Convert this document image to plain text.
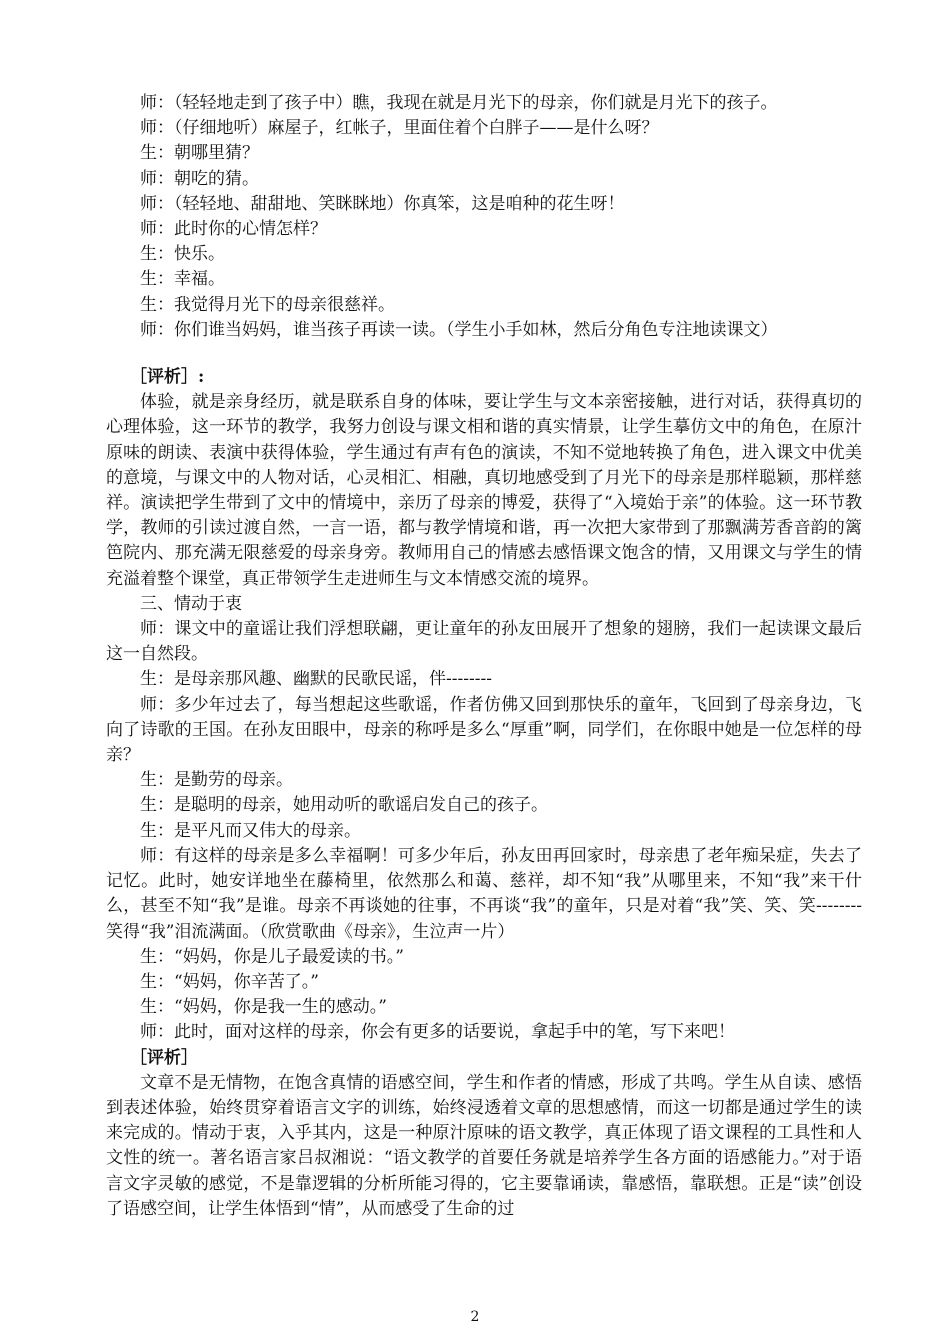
师：（轻轻地走到了孩子中）瞧，我现在就是月光下的母亲，你们就是月光下的孩子。

师：（仔细地听）麻屋子，红帐子，里面住着个白胖子——是什么呀？

生：朝哪里猜？

师：朝吃的猜。

师：（轻轻地、甜甜地、笑眯眯地）你真笨，这是咱种的花生呀！

师：此时你的心情怎样？

生：快乐。

生：幸福。

生：我觉得月光下的母亲很慈祥。

师：你们谁当妈妈，谁当孩子再读一读。（学生小手如林，然后分角色专注地读课文）

［评析］:

体验，就是亲身经历，就是联系自身的体味，要让学生与文本亲密接触，进行对话，获得真切的心理体验，这一环节的教学，我努力创设与课文相和谐的真实情景，让学生摹仿文中的角色，在原汁原味的朗读、表演中获得体验，学生通过有声有色的演读，不知不觉地转换了角色，进入课文中优美的意境，与课文中的人物对话，心灵相汇、相融，真切地感受到了月光下的母亲是那样聪颖，那样慈祥。演读把学生带到了文中的情境中，亲历了母亲的博爱，获得了“入境始于亲”的体验。这一环节教学，教师的引读过渡自然，一言一语，都与教学情境和谐，再一次把大家带到了那飘满芳香音韵的篱笆院内、那充满无限慈爱的母亲身旁。教师用自己的情感去感悟课文饱含的情，又用课文与学生的情充溢着整个课堂，真正带领学生走进师生与文本情感交流的境界。

三、情动于衷

师：课文中的童谣让我们浮想联翩，更让童年的孙友田展开了想象的翅膀，我们一起读课文最后这一自然段。

生：是母亲那风趣、幽默的民歌民谣，伴--------

师：多少年过去了，每当想起这些歌谣，作者仿佛又回到那快乐的童年，飞回到了母亲身边，飞向了诗歌的王国。在孙友田眼中，母亲的称呼是多么“厚重”啊，同学们，在你眼中她是一位怎样的母亲？

生：是勤劳的母亲。

生：是聪明的母亲，她用动听的歌谣启发自己的孩子。

生：是平凡而又伟大的母亲。

师：有这样的母亲是多么幸福啊！可多少年后，孙友田再回家时，母亲患了老年痴呆症，失去了记忆。此时，她安详地坐在藤椅里，依然那么和蔼、慈祥，却不知“我”从哪里来，不知“我”来干什么，甚至不知“我”是谁。母亲不再谈她的往事，不再谈“我”的童年，只是对着“我”笑、笑、笑--------笑得“我”泪流满面。（欣赏歌曲《母亲》，生泣声一片）

生：“妈妈，你是儿子最爱读的书。”

生：“妈妈，你辛苦了。”

生：“妈妈，你是我一生的感动。”

师：此时，面对这样的母亲，你会有更多的话要说，拿起手中的笔，写下来吧！

［评析］

文章不是无情物，在饱含真情的语感空间，学生和作者的情感，形成了共鸣。学生从自读、感悟到表述体验，始终贯穿着语言文字的训练，始终浸透着文章的思想感情，而这一切都是通过学生的读来完成的。情动于衷，入乎其内，这是一种原汁原味的语文教学，真正体现了语文课程的工具性和人文性的统一。著名语言家吕叔湘说：“语文教学的首要任务就是培养学生各方面的语感能力。”对于语言文字灵敏的感觉，不是靠逻辑的分析所能习得的，它主要靠诵读，靠感悟，靠联想。正是“读”创设了语感空间，让学生体悟到“情”，从而感受了生命的过

2
